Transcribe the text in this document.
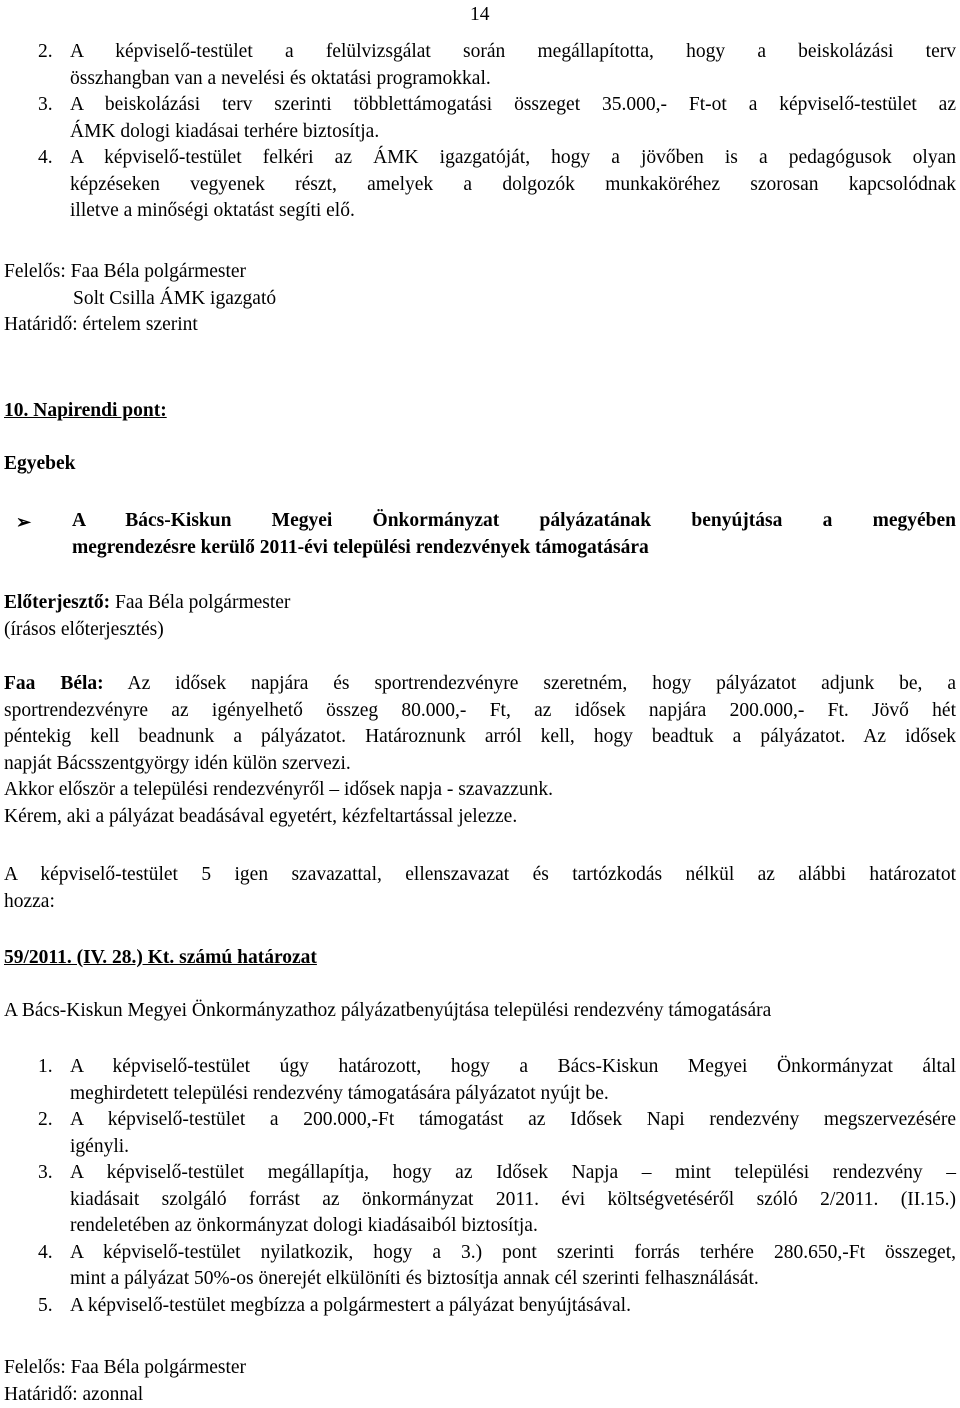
14
2. A képviselő-testület a felülvizsgálat során megállapította, hogy a beiskolázási terv
összhangban van a nevelési és oktatási programokkal.
3. A beiskolázási terv szerinti többlettámogatási összeget 35.000,- Ft-ot a képviselő-testület az
ÁMK dologi kiadásai terhére biztosítja.
4. A képviselő-testület felkéri az ÁMK igazgatóját, hogy a jövőben is a pedagógusok olyan
képzéseken vegyenek részt, amelyek a dolgozók munkaköréhez szorosan kapcsolódnak
illetve a minőségi oktatást segíti elő.
Felelős: Faa Béla polgármester
Solt Csilla ÁMK igazgató
Határidő: értelem szerint
10. Napirendi pont:
Egyebek
➢ A Bács-Kiskun Megyei Önkormányzat pályázatának benyújtása a megyében
megrendezésre kerülő 2011-évi települési rendezvények támogatására
Előterjesztő: Faa Béla polgármester
(írásos előterjesztés)
Faa Béla: Az idősek napjára és sportrendezvényre szeretném, hogy pályázatot adjunk be, a
sportrendezvényre az igényelhető összeg 80.000,- Ft, az idősek napjára 200.000,- Ft. Jövő hét
péntekig kell beadnunk a pályázatot. Határoznunk arról kell, hogy beadtuk a pályázatot. Az idősek
napját Bácsszentgyörgy idén külön szervezi.
Akkor először a települési rendezvényről – idősek napja - szavazzunk.
Kérem, aki a pályázat beadásával egyetért, kézfeltartással jelezze.
A képviselő-testület 5 igen szavazattal, ellenszavazat és tartózkodás nélkül az alábbi határozatot
hozza:
59/2011. (IV. 28.) Kt. számú határozat
A Bács-Kiskun Megyei Önkormányzathoz pályázatbenyújtása települési rendezvény támogatására
1. A képviselő-testület úgy határozott, hogy a Bács-Kiskun Megyei Önkormányzat által
meghirdetett települési rendezvény támogatására pályázatot nyújt be.
2. A képviselő-testület a 200.000,-Ft támogatást az Idősek Napi rendezvény megszervezésére
igényli.
3. A képviselő-testület megállapítja, hogy az Idősek Napja – mint települési rendezvény –
kiadásait szolgáló forrást az önkormányzat 2011. évi költségvetéséről szóló 2/2011. (II.15.)
rendeletében az önkormányzat dologi kiadásaiból biztosítja.
4. A képviselő-testület nyilatkozik, hogy a 3.) pont szerinti forrás terhére 280.650,-Ft összeget,
mint a pályázat 50%-os önerejét elkülöníti és biztosítja annak cél szerinti felhasználását.
5. A képviselő-testület megbízza a polgármestert a pályázat benyújtásával.
Felelős: Faa Béla polgármester
Határidő: azonnal
